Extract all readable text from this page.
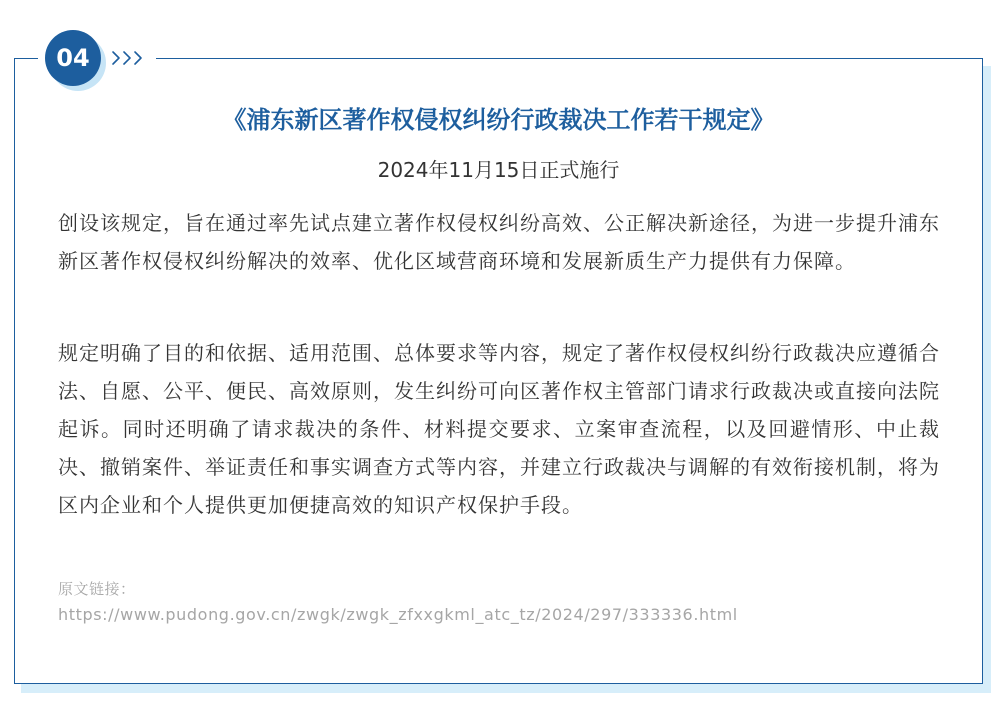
04
《浦东新区著作权侵权纠纷行政裁决工作若干规定》

2024年11月15日正式施行

创设该规定，旨在通过率先试点建立著作权侵权纠纷高效、公正解决新途径，为进一步提升浦东新区著作权侵权纠纷解决的效率、优化区域营商环境和发展新质生产力提供有力保障。

规定明确了目的和依据、适用范围、总体要求等内容，规定了著作权侵权纠纷行政裁决应遵循合法、自愿、公平、便民、高效原则，发生纠纷可向区著作权主管部门请求行政裁决或直接向法院起诉。同时还明确了请求裁决的条件、材料提交要求、立案审查流程，以及回避情形、中止裁决、撤销案件、举证责任和事实调查方式等内容，并建立行政裁决与调解的有效衔接机制，将为区内企业和个人提供更加便捷高效的知识产权保护手段。

原文链接：

https://www.pudong.gov.cn/zwgk/zwgk_zfxxgkml_atc_tz/2024/297/333336.html
